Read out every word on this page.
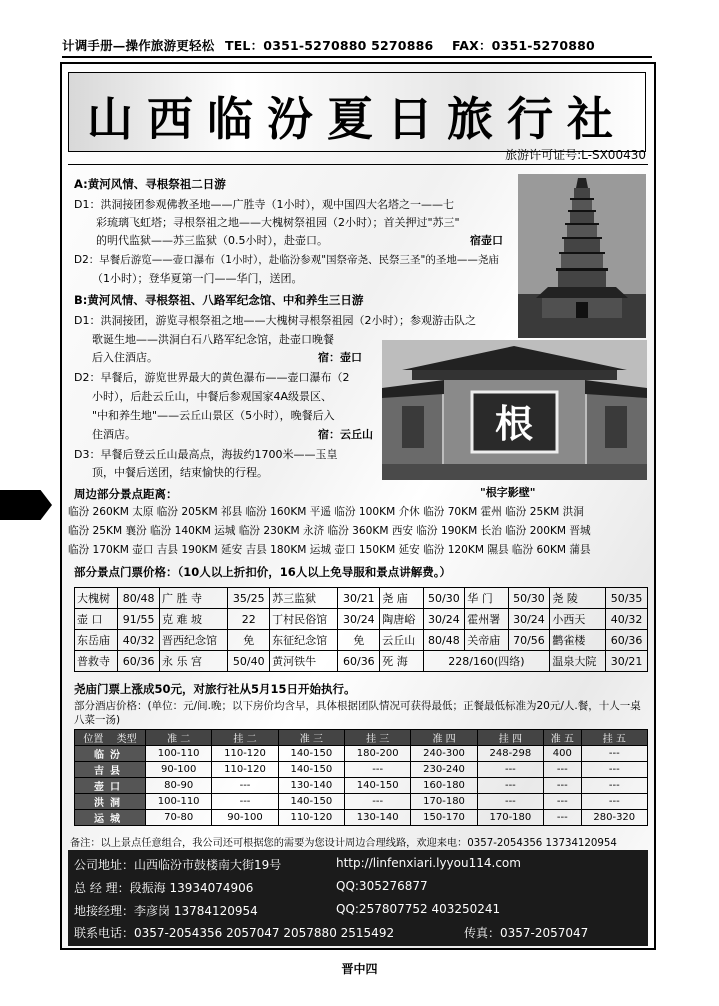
计调手册—操作旅游更轻松 TEL：0351-5270880 5270886 FAX：0351-5270880
山西临汾夏日旅行社
旅游许可证号:L-SX00430
A:黄河风情、寻根祭祖二日游
D1：洪洞接团参观佛教圣地——广胜寺（1小时），观中国四大名塔之一——七
彩琉璃飞虹塔；寻根祭祖之地——大槐树祭祖园（2小时）；首关押过"苏三"
的明代监狱——苏三监狱（0.5小时），赴壶口。	宿壶口
D2：早餐后游览——壶口瀑布（1小时），赴临汾参观"国祭帝尧、民祭三圣"的圣地——尧庙
（1小时）；登华夏第一门——华门，送团。
B:黄河风情、寻根祭祖、八路军纪念馆、中和养生三日游
D1：洪洞接团，游览寻根祭祖之地——大槐树寻根祭祖园（2小时）；参观游击队之
歌诞生地——洪洞白石八路军纪念馆，赴壶口晚餐
后入住酒店。	宿：壶口
D2：早餐后，游览世界最大的黄色瀑布——壶口瀑布（2
小时），后赴云丘山，中餐后参观国家4A级景区、
"中和养生地"——云丘山景区（5小时），晚餐后入
住酒店。	宿：云丘山
D3：早餐后登云丘山最高点，海拔约1700米——玉皇
顶，中餐后送团，结束愉快的行程。
根
"根字影壁"
周边部分景点距离：
临汾 260KM 太原 临汾 205KM 祁县 临汾 160KM 平遥 临汾 100KM 介休 临汾 70KM 霍州 临汾 25KM 洪洞
临汾 25KM 襄汾 临汾 140KM 运城 临汾 230KM 永济 临汾 360KM 西安 临汾 190KM 长治 临汾 200KM 晋城
临汾 170KM 壶口 吉县 190KM 延安 吉县 180KM 运城 壶口 150KM 延安 临汾 120KM 隰县 临汾 60KM 蒲县
部分景点门票价格：（10人以上折扣价，16人以上免导服和景点讲解费。）
大槐树	80/48	广 胜 寺	35/25	苏三监狱	30/21	尧 庙	50/30	华 门	50/30	尧 陵	50/35
壶 口	91/55	克 难 坡	22	丁村民俗馆	30/24	陶唐峪	30/24	霍州署	30/24	小西天	40/32
东岳庙	40/32	晋西纪念馆	免	东征纪念馆	免	云丘山	80/48	关帝庙	70/56	鹳雀楼	60/36
普救寺	60/36	永 乐 宫	50/40	黄河铁牛	60/36	死 海	228/160(四络)			温泉大院	30/21
尧庙门票上涨成50元，对旅行社从5月15日开始执行。
部分酒店价格：(单位：元/间.晚；以下房价均含早，具体根据团队情况可获得最低；正餐最低标准为20元/人.餐，十人一桌八菜一汤)
位置 类型	准 二	挂 二	准 三	挂 三	准 四	挂 四	准 五	挂 五
临汾	100-110	110-120	140-150	180-200	240-300	248-298	400	---
吉县	90-100	110-120	140-150	---	230-240	---	---	---
壶口	80-90	---	130-140	140-150	160-180	---	---	---
洪洞	100-110	---	140-150	---	170-180	---	---	---
运城	70-80	90-100	110-120	130-140	150-170	170-180	---	280-320
备注：以上景点任意组合，我公司还可根据您的需要为您设计周边合理线路，欢迎来电：0357-2054356 13734120954
公司地址：山西临汾市鼓楼南大街19号	http://linfenxiari.lyyou114.com
总 经 理：段振海 13934074906	QQ:305276877
地接经理：李彦岗 13784120954	QQ:257807752 403250241
联系电话：0357-2054356 2057047 2057880 2515492	传真：0357-2057047
晋中四
